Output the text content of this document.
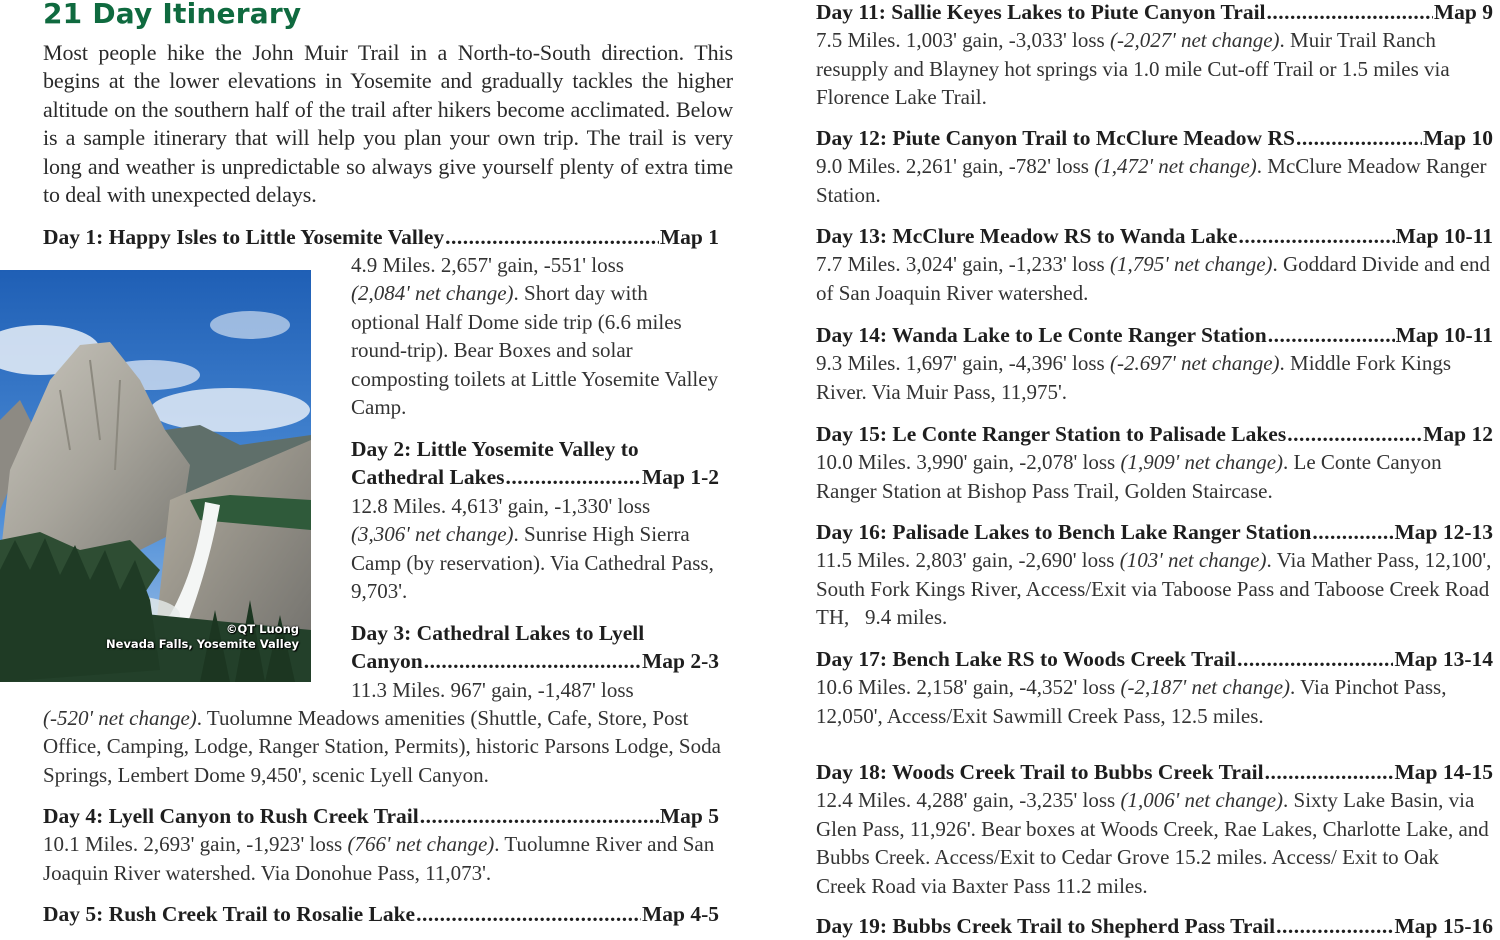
21 Day Itinerary

Most people hike the John Muir Trail in a North-to-South direction. This begins at the lower elevations in Yosemite and gradually tackles the higher altitude on the southern half of the trail after hikers become acclimated. Below is a sample itinerary that will help you plan your own trip. The trail is very long and weather is unpredictable so always give yourself plenty of extra time to deal with unexpected delays.

Day 1: Happy Isles to Little Yosemite Valley .....	Map 1
©QT Luong
Nevada Falls, Yosemite Valley

4.9 Miles. 2,657' gain, -551' loss
(2,084' net change). Short day with optional Half Dome side trip (6.6 miles round-trip). Bear Boxes and solar composting toilets at Little Yosemite Valley Camp.

Day 2: Little Yosemite Valley to
Cathedral Lakes .....	Map 1-2

12.8 Miles. 4,613' gain, -1,330' loss
(3,306' net change). Sunrise High Sierra Camp (by reservation). Via Cathedral Pass, 9,703'.

Day 3: Cathedral Lakes to Lyell
Canyon .....	Map 2-3

11.3 Miles. 967' gain, -1,487' loss

(-520' net change). Tuolumne Meadows amenities (Shuttle, Cafe, Store, Post Office, Camping, Lodge, Ranger Station, Permits), historic Parsons Lodge, Soda Springs, Lembert Dome 9,450', scenic Lyell Canyon.

Day 4: Lyell Canyon to Rush Creek Trail .....	Map 5

10.1 Miles. 2,693' gain, -1,923' loss (766' net change). Tuolumne River and San Joaquin River watershed. Via Donohue Pass, 11,073'.

Day 5: Rush Creek Trail to Rosalie Lake .....	Map 4-5
Day 11: Sallie Keyes Lakes to Piute Canyon Trail .....	Map 9

7.5 Miles. 1,003' gain, -3,033' loss (-2,027' net change). Muir Trail Ranch resupply and Blayney hot springs via 1.0 mile Cut-off Trail or 1.5 miles via Florence Lake Trail.

Day 12: Piute Canyon Trail to McClure Meadow RS .....	Map 10

9.0 Miles. 2,261' gain, -782' loss (1,472' net change). McClure Meadow Ranger Station.

Day 13: McClure Meadow RS to Wanda Lake .....	Map 10-11

7.7 Miles. 3,024' gain, -1,233' loss (1,795' net change). Goddard Divide and end of San Joaquin River watershed.

Day 14: Wanda Lake to Le Conte Ranger Station .....	Map 10-11

9.3 Miles. 1,697' gain, -4,396' loss (-2.697' net change). Middle Fork Kings River. Via Muir Pass, 11,975'.

Day 15: Le Conte Ranger Station to Palisade Lakes .....	Map 12

10.0 Miles. 3,990' gain, -2,078' loss (1,909' net change). Le Conte Canyon Ranger Station at Bishop Pass Trail, Golden Staircase.

Day 16: Palisade Lakes to Bench Lake Ranger Station .....	Map 12-13

11.5 Miles. 2,803' gain, -2,690' loss (103' net change). Via Mather Pass, 12,100', South Fork Kings River, Access/Exit via Taboose Pass and Taboose Creek Road TH,   9.4 miles.

Day 17: Bench Lake RS to Woods Creek Trail .....	Map 13-14

10.6 Miles. 2,158' gain, -4,352' loss (-2,187' net change). Via Pinchot Pass, 12,050', Access/Exit Sawmill Creek Pass, 12.5 miles.

Day 18: Woods Creek Trail to Bubbs Creek Trail .....	Map 14-15

12.4 Miles. 4,288' gain, -3,235' loss (1,006' net change). Sixty Lake Basin, via Glen Pass, 11,926'. Bear boxes at Woods Creek, Rae Lakes, Charlotte Lake, and Bubbs Creek. Access/Exit to Cedar Grove 15.2 miles. Access/ Exit to Oak Creek Road via Baxter Pass 11.2 miles.

Day 19: Bubbs Creek Trail to Shepherd Pass Trail .....	Map 15-16
